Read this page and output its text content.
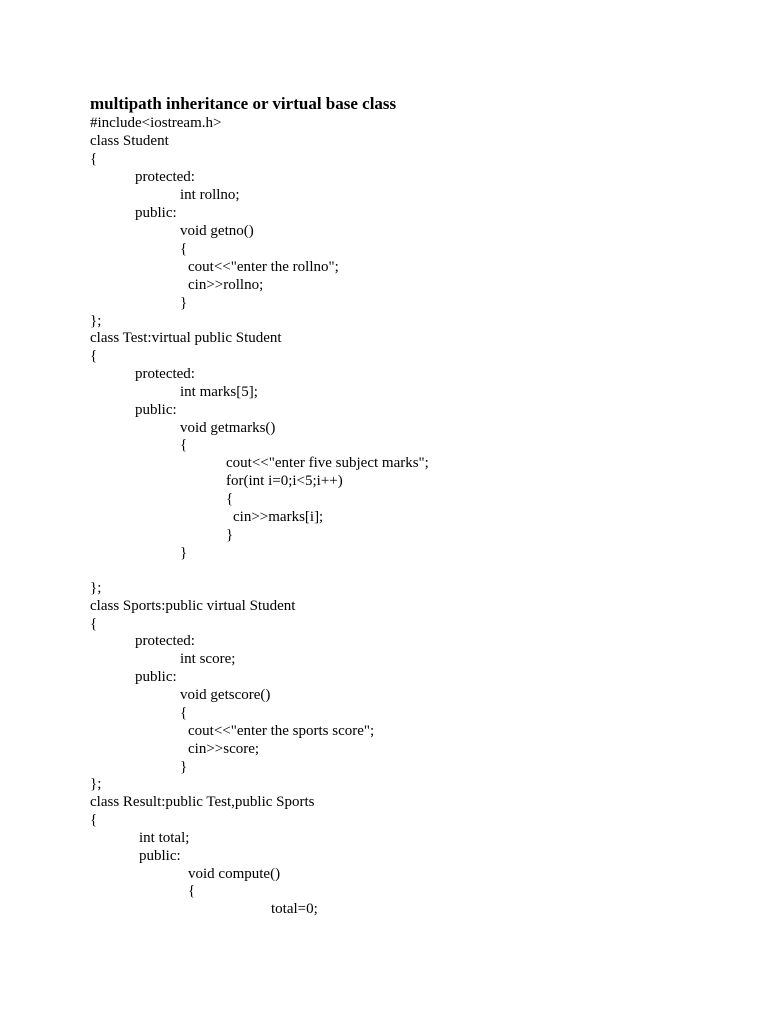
multipath inheritance or virtual base class
#include<iostream.h>
class Student
{
protected:
int rollno;
public:
void getno()
{
cout<<"enter the rollno";
cin>>rollno;
}
};
class Test:virtual public Student
{
protected:
int marks[5];
public:
void getmarks()
{
cout<<"enter five subject marks";
for(int i=0;i<5;i++)
{
cin>>marks[i];
}
}
};
class Sports:public virtual Student
{
protected:
int score;
public:
void getscore()
{
cout<<"enter the sports score";
cin>>score;
}
};
class Result:public Test,public Sports
{
int total;
public:
void compute()
{
total=0;
